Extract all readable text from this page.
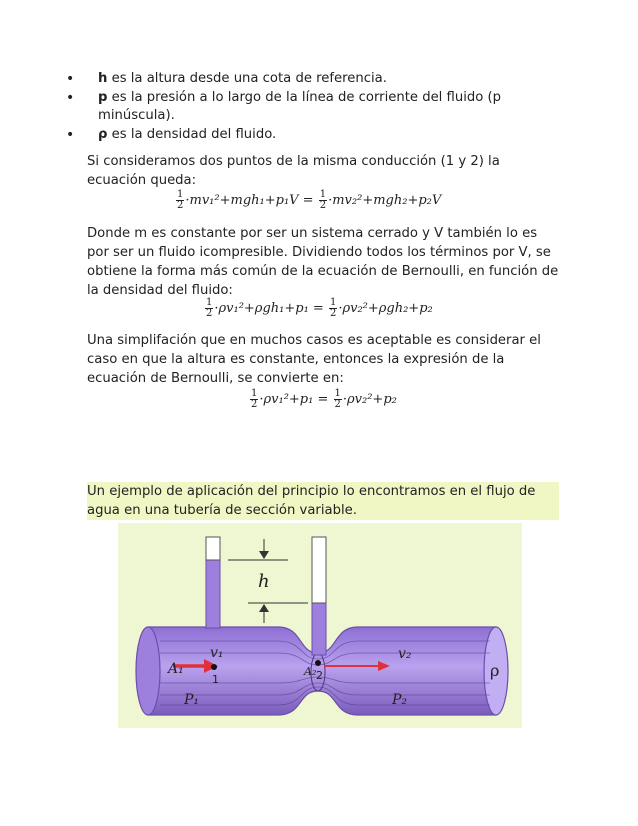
• h es la altura desde una cota de referencia.
• p es la presión a lo largo de la línea de corriente del fluido (p minúscula).
• ρ es la densidad del fluido.

Si consideramos dos puntos de la misma conducción (1 y 2) la ecuación queda:

$\frac{1}{2} \cdot mv_1^2+mgh_1+p_1V = \frac{1}{2} \cdot mv_2^2+mgh_2+p_2V$

Donde m es constante por ser un sistema cerrado y V también lo es por ser un fluido icompresible. Dividiendo todos los términos por V, se obtiene la forma más común de la ecuación de Bernoulli, en función de la densidad del fluido:

$\frac{1}{2} \cdot\rho v_1^2+\rho gh_1+p_1 = \frac{1}{2} \cdot\rho v_2^2+\rho gh_2+p_2$

Una simplifación que en muchos casos es aceptable es considerar el caso en que la altura es constante, entonces la expresión de la ecuación de Bernoulli, se convierte en:

$\frac{1}{2} \cdot\rho v_1^2+p_1 = \frac{1}{2} \cdot\rho v_2^2+p_2$

Un ejemplo de aplicación del principio lo encontramos en el flujo de agua en una tubería de sección variable.

h
A₁
v₁
1
P₁
A₂ 2
v₂
P₂
ρ
